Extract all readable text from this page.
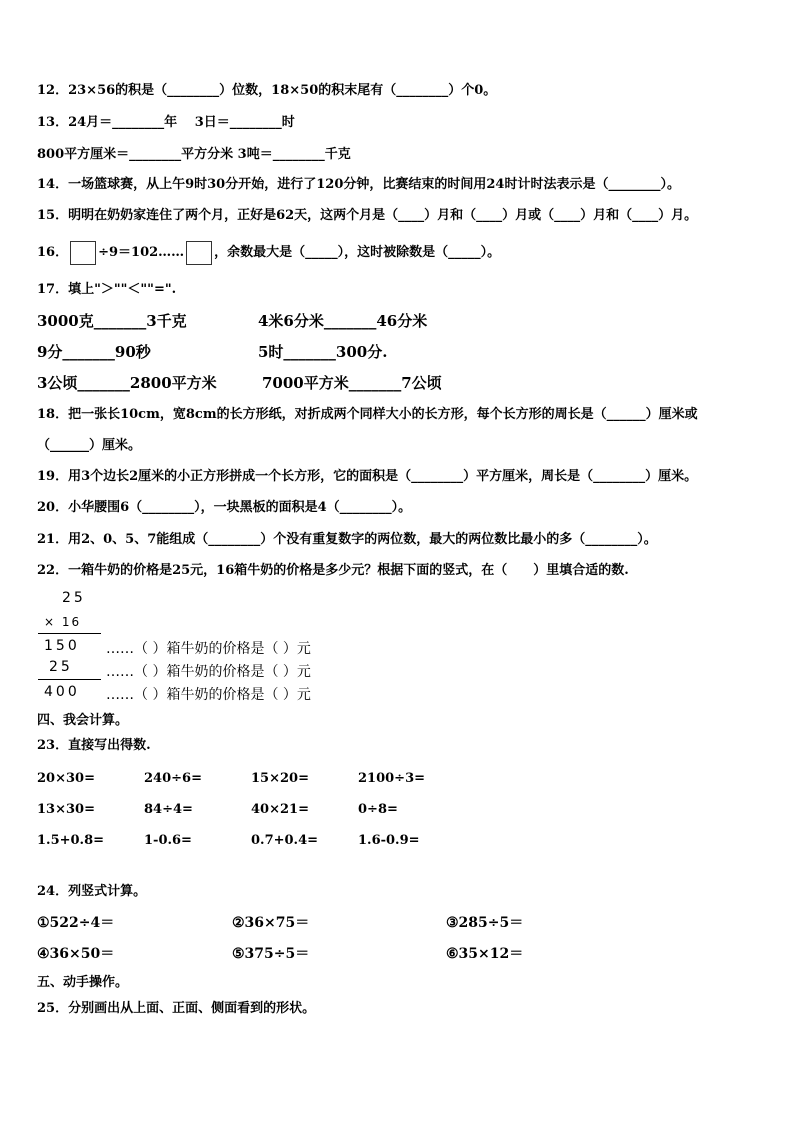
12．23×56的积是（________）位数，18×50的积末尾有（________）个0。
13．24月＝________年　 3日＝________时
800平方厘米＝________平方分米 3吨＝________千克
14．一场篮球赛，从上午9时30分开始，进行了120分钟，比赛结束的时间用24时计时法表示是（________）。
15．明明在奶奶家连住了两个月，正好是62天，这两个月是（____）月和（____）月或（____）月和（____）月。
16． ÷9＝102…… ，余数最大是（_____），这时被除数是（_____）。
17．填上"＞""＜""=".
3000克_______3千克	4米6分米_______46分米
9分_______90秒	5时_______300分.
3公顷_______2800平方米	7000平方米_______7公顷
18．把一张长10cm，宽8cm的长方形纸，对折成两个同样大小的长方形，每个长方形的周长是（______）厘米或
（______）厘米。
19．用3个边长2厘米的小正方形拼成一个长方形，它的面积是（________）平方厘米，周长是（________）厘米。
20．小华腰围6（________），一块黑板的面积是4（________）。
21．用2、0、5、7能组成（________）个没有重复数字的两位数，最大的两位数比最小的多（________）。
22．一箱牛奶的价格是25元，16箱牛奶的价格是多少元？根据下面的竖式，在（　　）里填合适的数.
25
× 16
150 ……（ ）箱牛奶的价格是（ ）元
25 ……（ ）箱牛奶的价格是（ ）元
400 ……（ ）箱牛奶的价格是（ ）元
四、我会计算。
23．直接写出得数.
20×30=	240÷6=	15×20=	2100÷3=
13×30=	84÷4=	40×21=	0÷8=
1.5+0.8=	1-0.6=	0.7+0.4=	1.6-0.9=
24．列竖式计算。
①522÷4＝	②36×75＝	③285÷5＝
④36×50＝	⑤375÷5＝	⑥35×12＝
五、动手操作。
25．分别画出从上面、正面、侧面看到的形状。
